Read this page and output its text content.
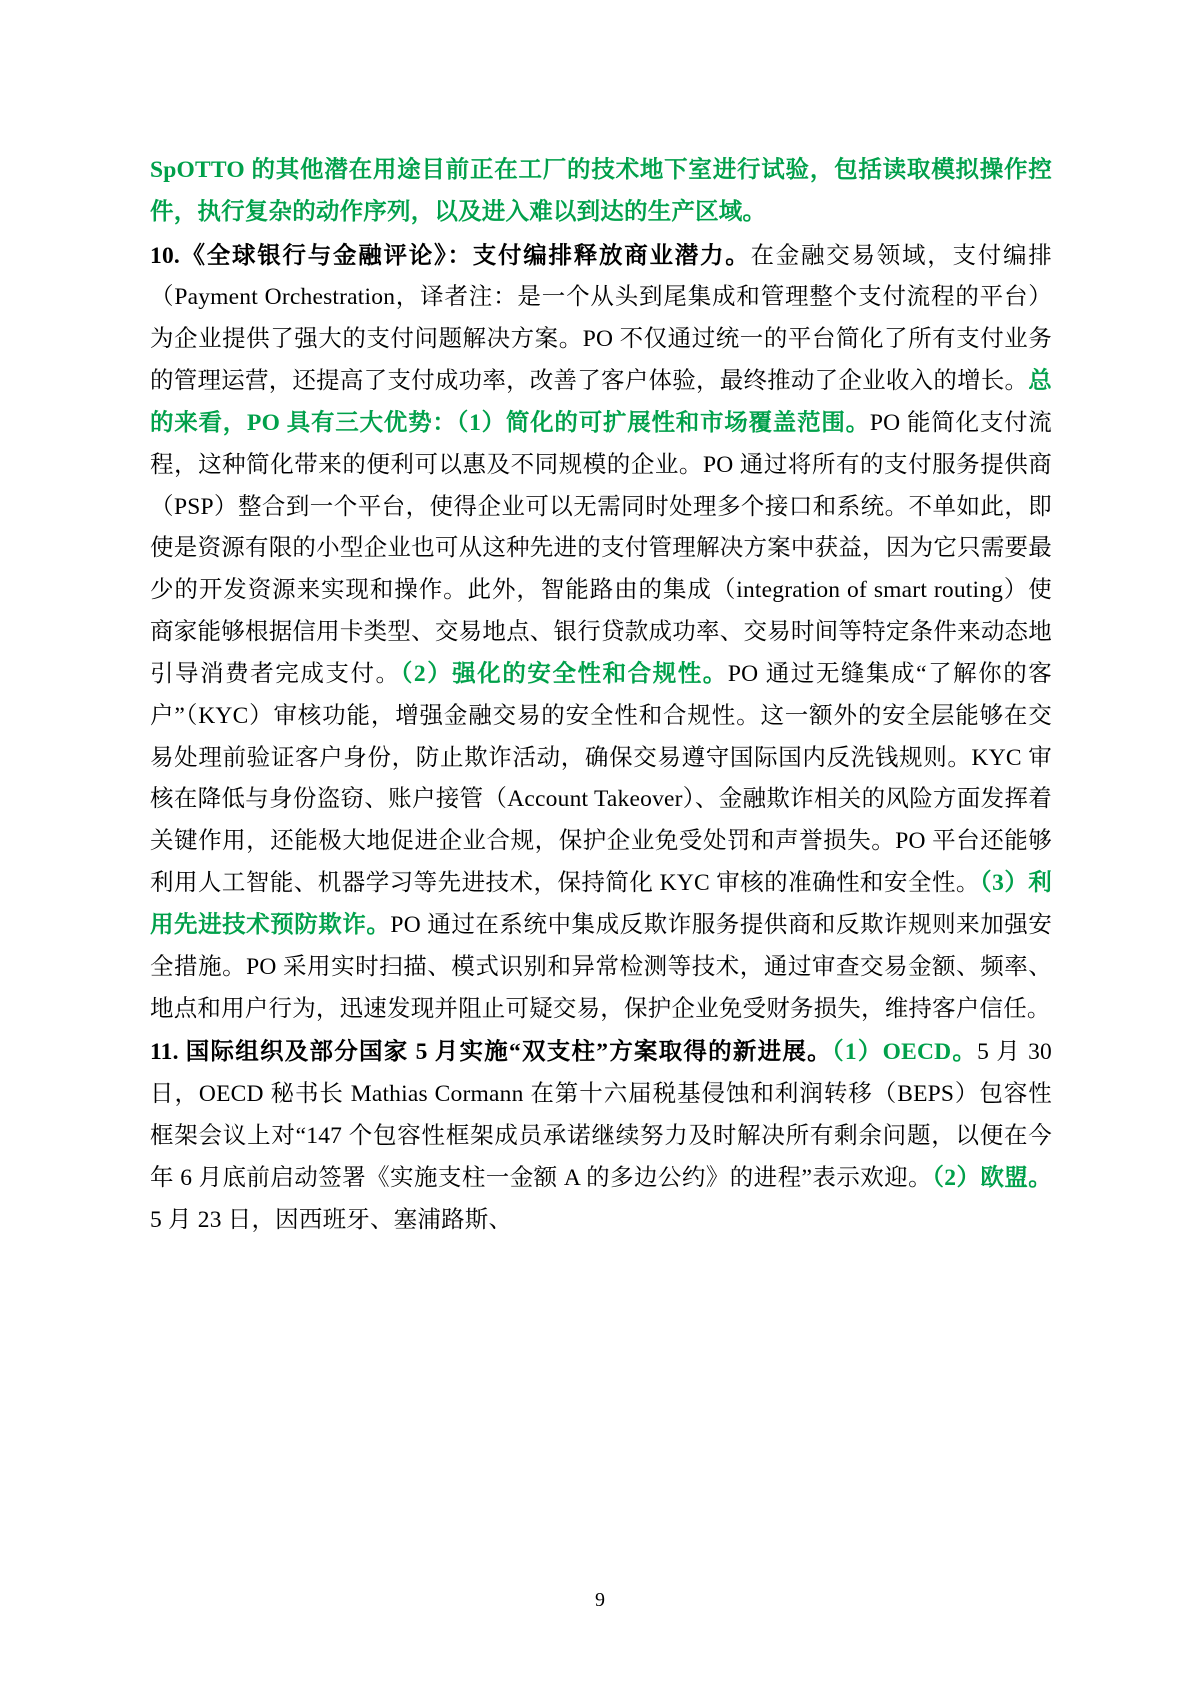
SpOTTO 的其他潜在用途目前正在工厂的技术地下室进行试验，包括读取模拟操作控件，执行复杂的动作序列，以及进入难以到达的生产区域。

10.《全球银行与金融评论》：支付编排释放商业潜力。在金融交易领域，支付编排（Payment Orchestration，译者注：是一个从头到尾集成和管理整个支付流程的平台）为企业提供了强大的支付问题解决方案。PO 不仅通过统一的平台简化了所有支付业务的管理运营，还提高了支付成功率，改善了客户体验，最终推动了企业收入的增长。总的来看，PO 具有三大优势：（1）简化的可扩展性和市场覆盖范围。PO 能简化支付流程，这种简化带来的便利可以惠及不同规模的企业。PO 通过将所有的支付服务提供商（PSP）整合到一个平台，使得企业可以无需同时处理多个接口和系统。不单如此，即使是资源有限的小型企业也可从这种先进的支付管理解决方案中获益，因为它只需要最少的开发资源来实现和操作。此外，智能路由的集成（integration of smart routing）使商家能够根据信用卡类型、交易地点、银行贷款成功率、交易时间等特定条件来动态地引导消费者完成支付。（2）强化的安全性和合规性。PO 通过无缝集成“了解你的客户”（KYC）审核功能，增强金融交易的安全性和合规性。这一额外的安全层能够在交易处理前验证客户身份，防止欺诈活动，确保交易遵守国际国内反洗钱规则。KYC 审核在降低与身份盗窃、账户接管（Account Takeover）、金融欺诈相关的风险方面发挥着关键作用，还能极大地促进企业合规，保护企业免受处罚和声誉损失。PO 平台还能够利用人工智能、机器学习等先进技术，保持简化 KYC 审核的准确性和安全性。（3）利用先进技术预防欺诈。PO 通过在系统中集成反欺诈服务提供商和反欺诈规则来加强安全措施。PO 采用实时扫描、模式识别和异常检测等技术，通过审查交易金额、频率、地点和用户行为，迅速发现并阻止可疑交易，保护企业免受财务损失，维持客户信任。

11. 国际组织及部分国家 5 月实施“双支柱”方案取得的新进展。（1）OECD。5 月 30 日，OECD 秘书长 Mathias Cormann 在第十六届税基侵蚀和利润转移（BEPS）包容性框架会议上对“147 个包容性框架成员承诺继续努力及时解决所有剩余问题，以便在今年 6 月底前启动签署《实施支柱一金额 A 的多边公约》的进程”表示欢迎。（2）欧盟。5 月 23 日，因西班牙、塞浦路斯、

9
